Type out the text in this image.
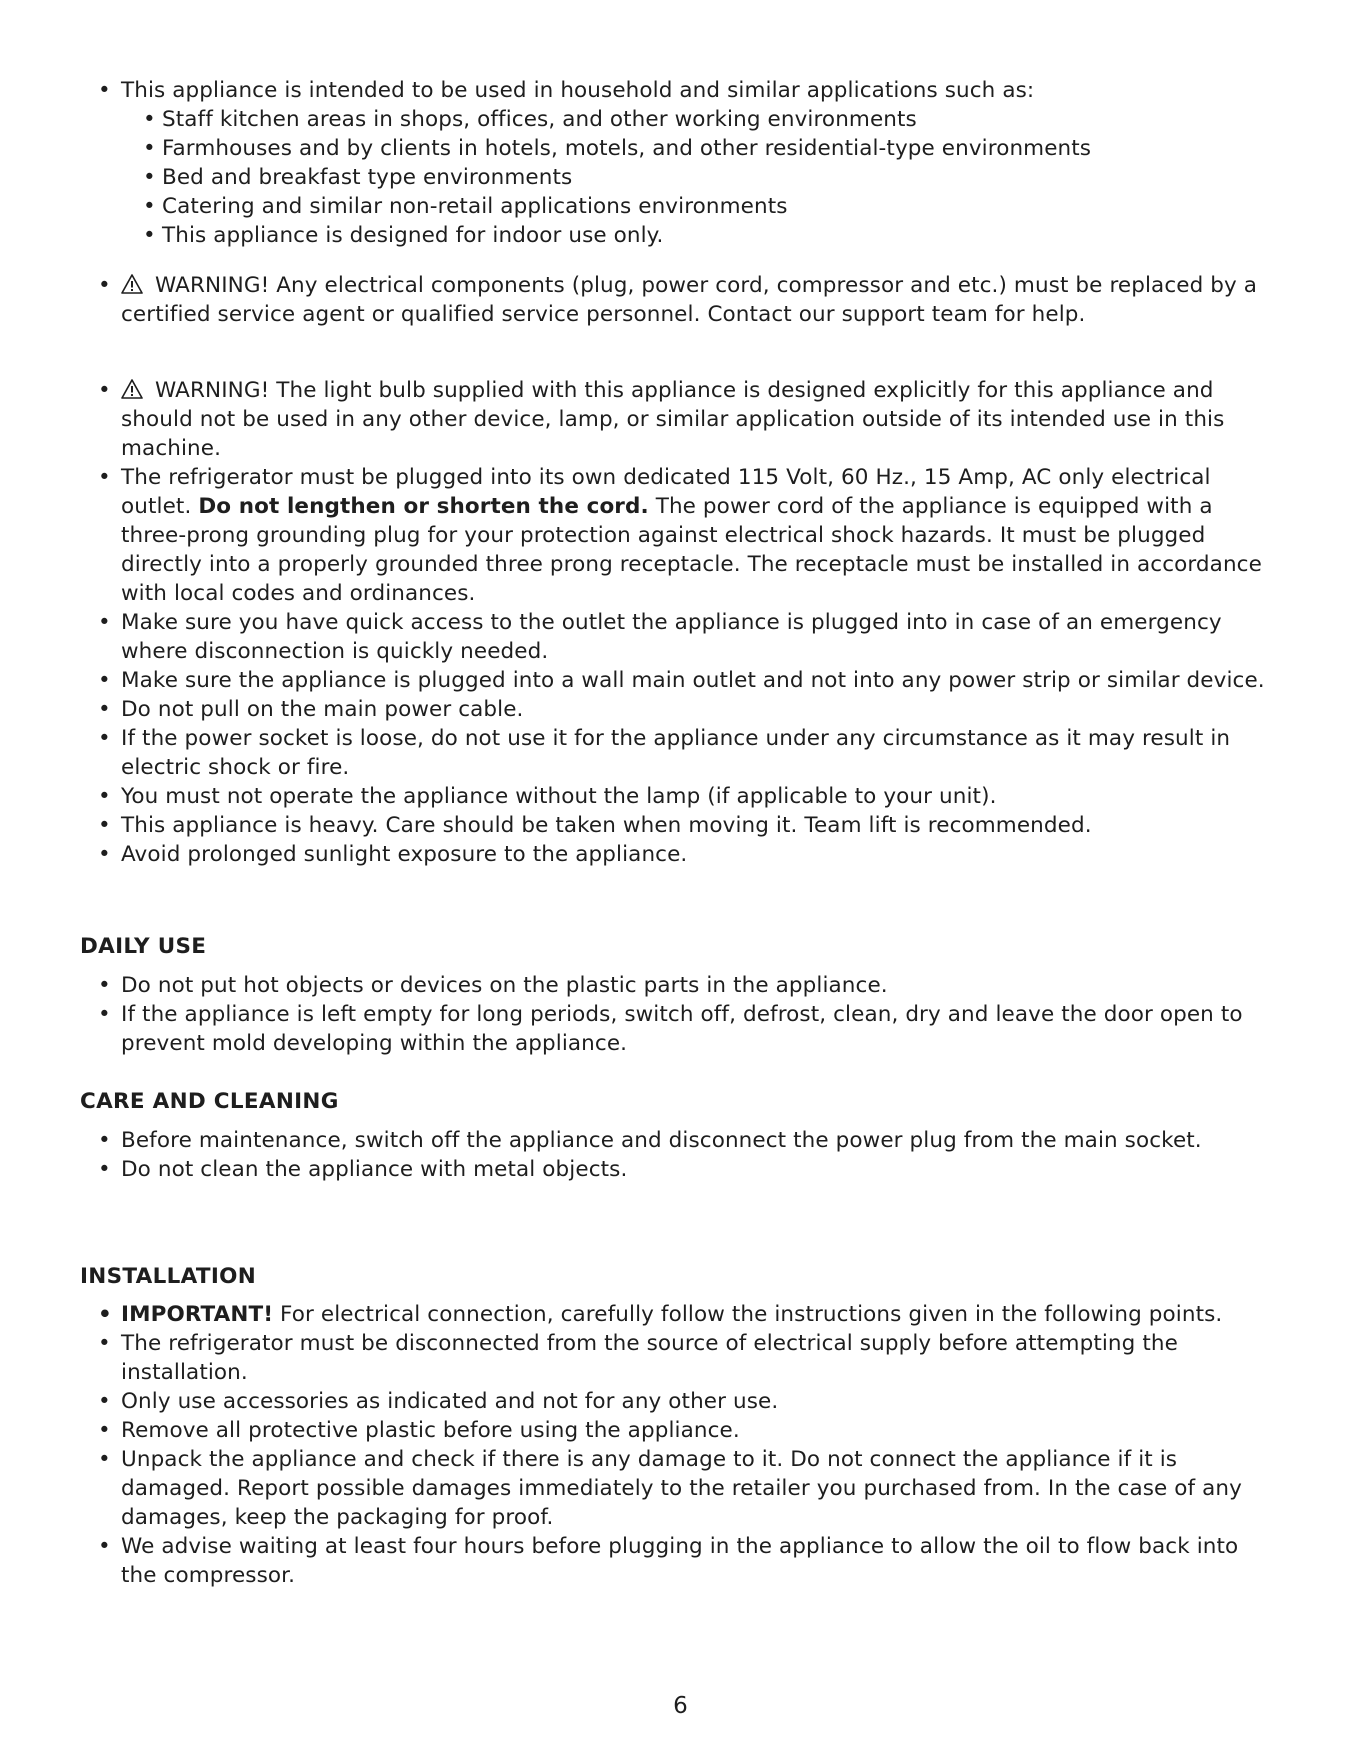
• This appliance is intended to be used in household and similar applications such as:
• Staff kitchen areas in shops, offices, and other working environments
• Farmhouses and by clients in hotels, motels, and other residential-type environments
• Bed and breakfast type environments
• Catering and similar non-retail applications environments
• This appliance is designed for indoor use only.
• WARNING! Any electrical components (plug, power cord, compressor and etc.) must be replaced by a certified service agent or qualified service personnel. Contact our support team for help.
• WARNING! The light bulb supplied with this appliance is designed explicitly for this appliance and should not be used in any other device, lamp, or similar application outside of its intended use in this machine.
• The refrigerator must be plugged into its own dedicated 115 Volt, 60 Hz., 15 Amp, AC only electrical outlet. Do not lengthen or shorten the cord. The power cord of the appliance is equipped with a three-prong grounding plug for your protection against electrical shock hazards. It must be plugged directly into a properly grounded three prong receptacle. The receptacle must be installed in accordance with local codes and ordinances.
• Make sure you have quick access to the outlet the appliance is plugged into in case of an emergency where disconnection is quickly needed.
• Make sure the appliance is plugged into a wall main outlet and not into any power strip or similar device.
• Do not pull on the main power cable.
• If the power socket is loose, do not use it for the appliance under any circumstance as it may result in electric shock or fire.
• You must not operate the appliance without the lamp (if applicable to your unit).
• This appliance is heavy. Care should be taken when moving it. Team lift is recommended.
• Avoid prolonged sunlight exposure to the appliance.
DAILY USE
• Do not put hot objects or devices on the plastic parts in the appliance.
• If the appliance is left empty for long periods, switch off, defrost, clean, dry and leave the door open to prevent mold developing within the appliance.
CARE AND CLEANING
• Before maintenance, switch off the appliance and disconnect the power plug from the main socket.
• Do not clean the appliance with metal objects.
INSTALLATION
• IMPORTANT! For electrical connection, carefully follow the instructions given in the following points.
• The refrigerator must be disconnected from the source of electrical supply before attempting the installation.
• Only use accessories as indicated and not for any other use.
• Remove all protective plastic before using the appliance.
• Unpack the appliance and check if there is any damage to it. Do not connect the appliance if it is damaged. Report possible damages immediately to the retailer you purchased from. In the case of any damages, keep the packaging for proof.
• We advise waiting at least four hours before plugging in the appliance to allow the oil to flow back into the compressor.
6
